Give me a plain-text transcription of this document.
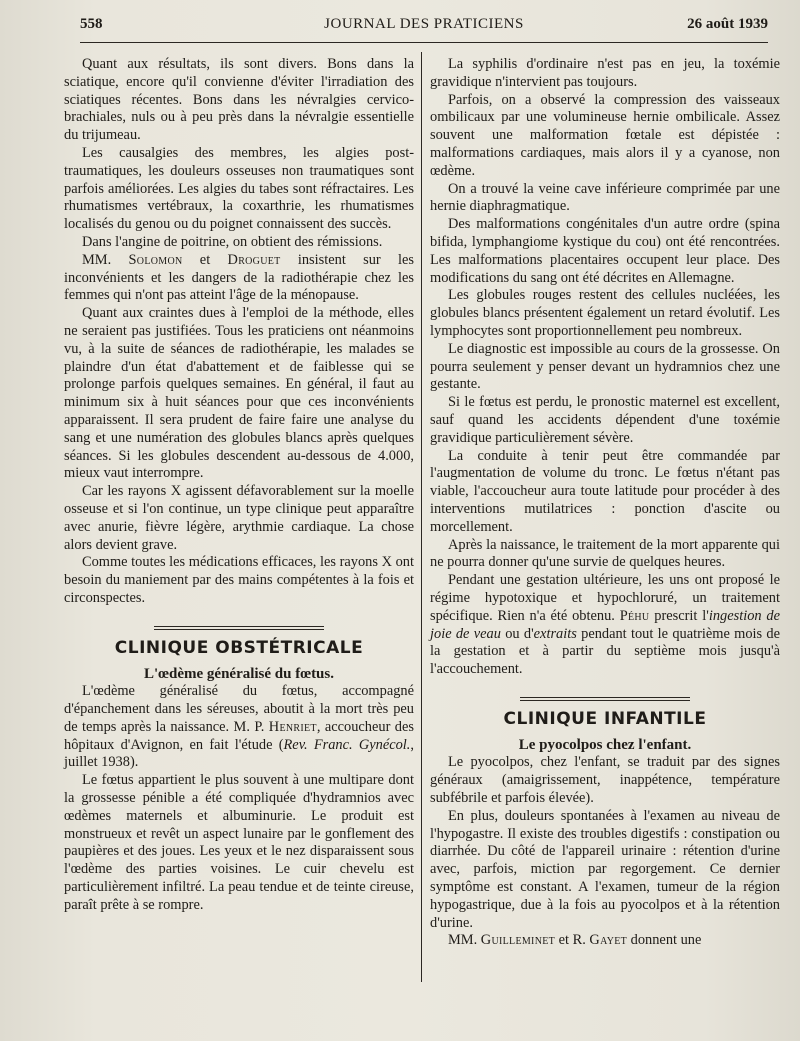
558	JOURNAL DES PRATICIENS	26 août 1939

Quant aux résultats, ils sont divers. Bons dans la sciatique, encore qu'il convienne d'éviter l'irradiation des sciatiques récentes. Bons dans les névralgies cervico-brachiales, nuls ou à peu près dans la névralgie essentielle du trijumeau.

Les causalgies des membres, les algies post-traumatiques, les douleurs osseuses non traumatiques sont parfois améliorées. Les algies du tabes sont réfractaires. Les rhumatismes vertébraux, la coxarthrie, les rhumatismes localisés du genou ou du poignet connaissent des succès.

Dans l'angine de poitrine, on obtient des rémissions.

MM. Solomon et Droguet insistent sur les inconvénients et les dangers de la radiothérapie chez les femmes qui n'ont pas atteint l'âge de la ménopause.

Quant aux craintes dues à l'emploi de la méthode, elles ne seraient pas justifiées. Tous les praticiens ont néanmoins vu, à la suite de séances de radiothérapie, les malades se plaindre d'un état d'abattement et de faiblesse qui se prolonge parfois quelques semaines. En général, il faut au minimum six à huit séances pour que ces inconvénients apparaissent. Il sera prudent de faire faire une analyse du sang et une numération des globules blancs après quelques séances. Si les globules descendent au-dessous de 4.000, mieux vaut interrompre.

Car les rayons X agissent défavorablement sur la moelle osseuse et si l'on continue, un type clinique peut apparaître avec anurie, fièvre légère, arythmie cardiaque. La chose alors devient grave.

Comme toutes les médications efficaces, les rayons X ont besoin du maniement par des mains compétentes à la fois et circonspectes.

CLINIQUE OBSTÉTRICALE

L'œdème généralisé du fœtus.

L'œdème généralisé du fœtus, accompagné d'épanchement dans les séreuses, aboutit à la mort très peu de temps après la naissance. M. P. Henriet, accoucheur des hôpitaux d'Avignon, en fait l'étude (Rev. Franc. Gynécol., juillet 1938).

Le fœtus appartient le plus souvent à une multipare dont la grossesse pénible a été compliquée d'hydramnios avec œdèmes maternels et albuminurie. Le produit est monstrueux et revêt un aspect lunaire par le gonflement des paupières et des joues. Les yeux et le nez disparaissent sous l'œdème des parties voisines. Le cuir chevelu est particulièrement infiltré. La peau tendue et de teinte cireuse, paraît prête à se rompre.

La syphilis d'ordinaire n'est pas en jeu, la toxémie gravidique n'intervient pas toujours.

Parfois, on a observé la compression des vaisseaux ombilicaux par une volumineuse hernie ombilicale. Assez souvent une malformation fœtale est dépistée : malformations cardiaques, mais alors il y a cyanose, non œdème.

On a trouvé la veine cave inférieure comprimée par une hernie diaphragmatique.

Des malformations congénitales d'un autre ordre (spina bifida, lymphangiome kystique du cou) ont été rencontrées. Les malformations placentaires occupent leur place. Des modifications du sang ont été décrites en Allemagne.

Les globules rouges restent des cellules nucléées, les globules blancs présentent également un retard évolutif. Les lymphocytes sont proportionnellement peu nombreux.

Le diagnostic est impossible au cours de la grossesse. On pourra seulement y penser devant un hydramnios chez une gestante.

Si le fœtus est perdu, le pronostic maternel est excellent, sauf quand les accidents dépendent d'une toxémie gravidique particulièrement sévère.

La conduite à tenir peut être commandée par l'augmentation de volume du tronc. Le fœtus n'étant pas viable, l'accoucheur aura toute latitude pour procéder à des interventions mutilatrices : ponction d'ascite ou morcellement.

Après la naissance, le traitement de la mort apparente qui ne pourra donner qu'une survie de quelques heures.

Pendant une gestation ultérieure, les uns ont proposé le régime hypotoxique et hypochloruré, un traitement spécifique. Rien n'a été obtenu. Péhu prescrit l'ingestion de joie de veau ou d'extraits pendant tout le quatrième mois de la gestation et à partir du septième mois jusqu'à l'accouchement.

CLINIQUE INFANTILE

Le pyocolpos chez l'enfant.

Le pyocolpos, chez l'enfant, se traduit par des signes généraux (amaigrissement, inappétence, température subfébrile et parfois élevée).

En plus, douleurs spontanées à l'examen au niveau de l'hypogastre. Il existe des troubles digestifs : constipation ou diarrhée. Du côté de l'appareil urinaire : rétention d'urine avec, parfois, miction par regorgement. Ce dernier symptôme est constant. A l'examen, tumeur de la région hypogastrique, due à la fois au pyocolpos et à la rétention d'urine.

MM. Guilleminet et R. Gayet donnent une
